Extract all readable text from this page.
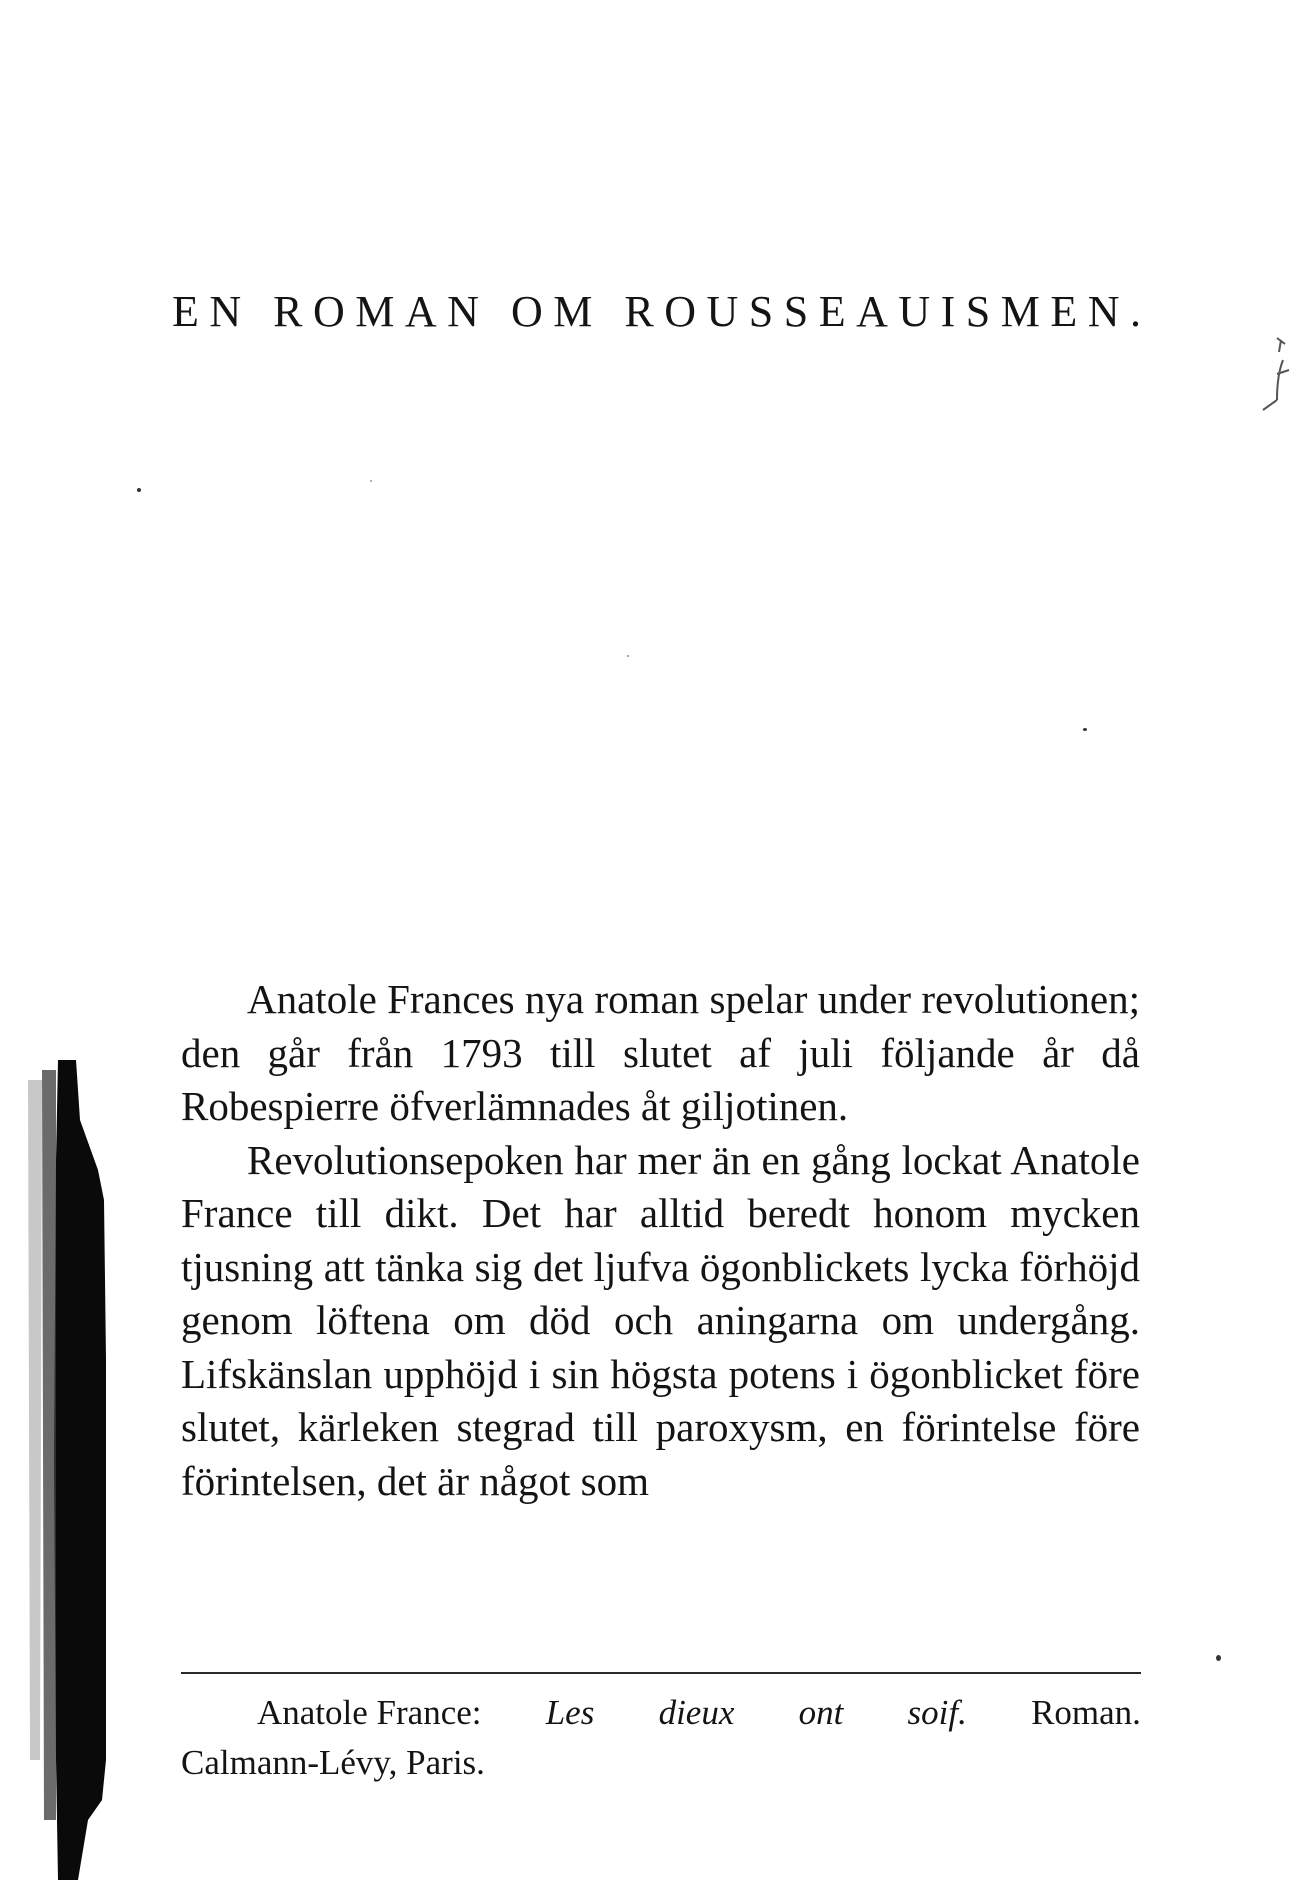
EN ROMAN OM ROUSSEAUISMEN.

Anatole Frances nya roman spelar under revolutionen; den går från 1793 till slutet af juli följande år då Robespierre öfverlämnades åt giljotinen.

Revolutionsepoken har mer än en gång lockat Anatole France till dikt. Det har alltid beredt honom mycken tjusning att tänka sig det ljufva ögonblickets lycka förhöjd genom löftena om död och aningarna om undergång. Lifskänslan upphöjd i sin högsta potens i ögonblicket före slutet, kärleken stegrad till paroxysm, en förintelse före förintelsen, det är något som

Anatole France: Les dieux ont soif. Roman.
Calmann-Lévy, Paris.
